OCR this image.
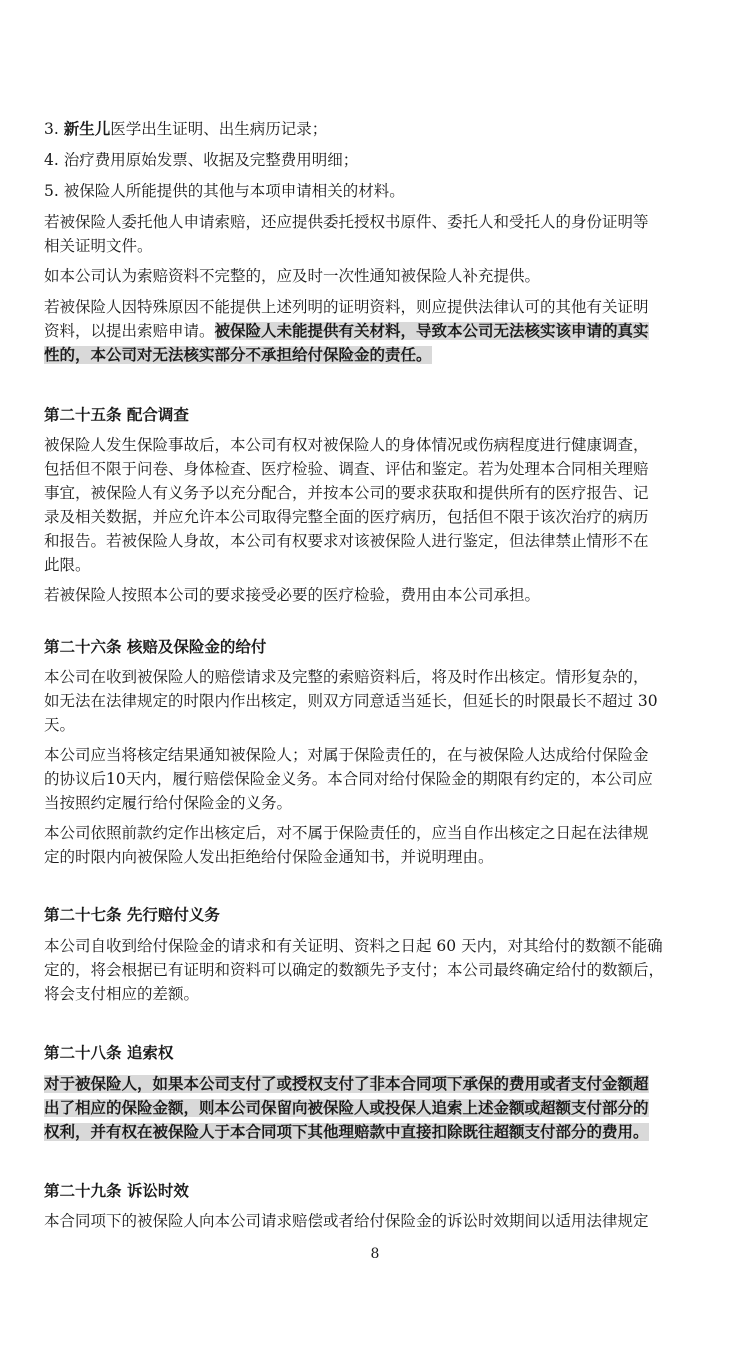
3. 新生儿医学出生证明、出生病历记录；
4. 治疗费用原始发票、收据及完整费用明细；
5. 被保险人所能提供的其他与本项申请相关的材料。
若被保险人委托他人申请索赔，还应提供委托授权书原件、委托人和受托人的身份证明等
相关证明文件。
如本公司认为索赔资料不完整的，应及时一次性通知被保险人补充提供。
若被保险人因特殊原因不能提供上述列明的证明资料，则应提供法律认可的其他有关证明
资料，以提出索赔申请。被保险人未能提供有关材料，导致本公司无法核实该申请的真实
性的，本公司对无法核实部分不承担给付保险金的责任。
第二十五条 配合调查
被保险人发生保险事故后，本公司有权对被保险人的身体情况或伤病程度进行健康调查，
包括但不限于问卷、身体检查、医疗检验、调查、评估和鉴定。若为处理本合同相关理赔
事宜，被保险人有义务予以充分配合，并按本公司的要求获取和提供所有的医疗报告、记
录及相关数据，并应允许本公司取得完整全面的医疗病历，包括但不限于该次治疗的病历
和报告。若被保险人身故，本公司有权要求对该被保险人进行鉴定，但法律禁止情形不在
此限。
若被保险人按照本公司的要求接受必要的医疗检验，费用由本公司承担。
第二十六条 核赔及保险金的给付
本公司在收到被保险人的赔偿请求及完整的索赔资料后，将及时作出核定。情形复杂的，
如无法在法律规定的时限内作出核定，则双方同意适当延长，但延长的时限最长不超过 30
天。
本公司应当将核定结果通知被保险人；对属于保险责任的，在与被保险人达成给付保险金
的协议后10天内，履行赔偿保险金义务。本合同对给付保险金的期限有约定的，本公司应
当按照约定履行给付保险金的义务。
本公司依照前款约定作出核定后，对不属于保险责任的，应当自作出核定之日起在法律规
定的时限内向被保险人发出拒绝给付保险金通知书，并说明理由。
第二十七条 先行赔付义务
本公司自收到给付保险金的请求和有关证明、资料之日起 60 天内，对其给付的数额不能确
定的，将会根据已有证明和资料可以确定的数额先予支付；本公司最终确定给付的数额后，
将会支付相应的差额。
第二十八条 追索权
对于被保险人，如果本公司支付了或授权支付了非本合同项下承保的费用或者支付金额超
出了相应的保险金额，则本公司保留向被保险人或投保人追索上述金额或超额支付部分的
权利，并有权在被保险人于本合同项下其他理赔款中直接扣除既往超额支付部分的费用。
第二十九条 诉讼时效
本合同项下的被保险人向本公司请求赔偿或者给付保险金的诉讼时效期间以适用法律规定
8
